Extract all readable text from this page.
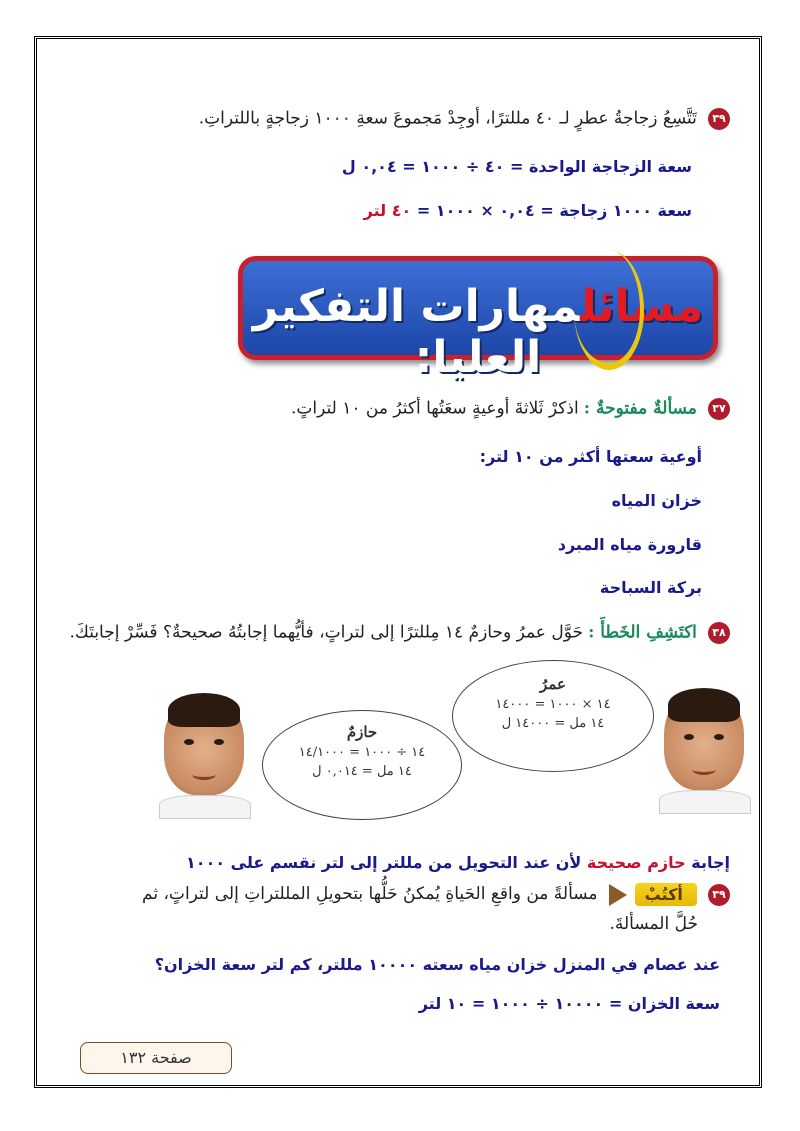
٣٩ تَتَّسِعُ زجاجةُ عطرٍ لـ ٤٠ مللترًا، أوجِدْ مَجموعَ سعةِ ١٠٠٠ زجاجةٍ باللتراتِ.
سعة الزجاجة الواحدة = ٤٠ ÷ ١٠٠٠ = ٠,٠٤ ل
سعة ١٠٠٠ زجاجة = ٠,٠٤ × ١٠٠٠ = ٤٠ لتر
مسائلمهارات التفكير العليا:
٣٧ مسألةٌ مفتوحةٌ : اذكرْ ثَلاثةَ أوعيةٍ سعَتُها أكثرُ من ١٠ لتراتٍ.
أوعية سعتها أكثر من ١٠ لتر:
خزان المياه
قارورة مياه المبرد
بركة السباحة
٣٨ اكتَشِفِ الخَطأَ : حَوَّل عمرُ وحازمٌ ١٤ مِللترًا إلى لتراتٍ، فأيُّهما إجابتُهُ صحيحةٌ؟ فَسِّرْ إجابتَكَ.
عمرُ
١٤ × ١٠٠٠ = ١٤٠٠٠
١٤ مل = ١٤٠٠٠ ل
حازمٌ
١٤ ÷ ١٠٠٠ = ١٤/١٠٠٠
١٤ مل = ٠,٠١٤ ل
إجابة حازم صحيحة لأن عند التحويل من مللتر إلى لتر نقسم على ١٠٠٠
٣٩ أكتُبْ مسألةً من واقعِ الحَياةِ يُمكنُ حَلُّها بتحويلِ المللتراتِ إلى لتراتٍ، ثم
حُلَّ المسألةَ.
عند عصام في المنزل خزان مياه سعته ١٠٠٠٠ مللتر، كم لتر سعة الخزان؟
سعة الخزان = ١٠٠٠٠ ÷ ١٠٠٠ = ١٠ لتر
صفحة ١٣٢
